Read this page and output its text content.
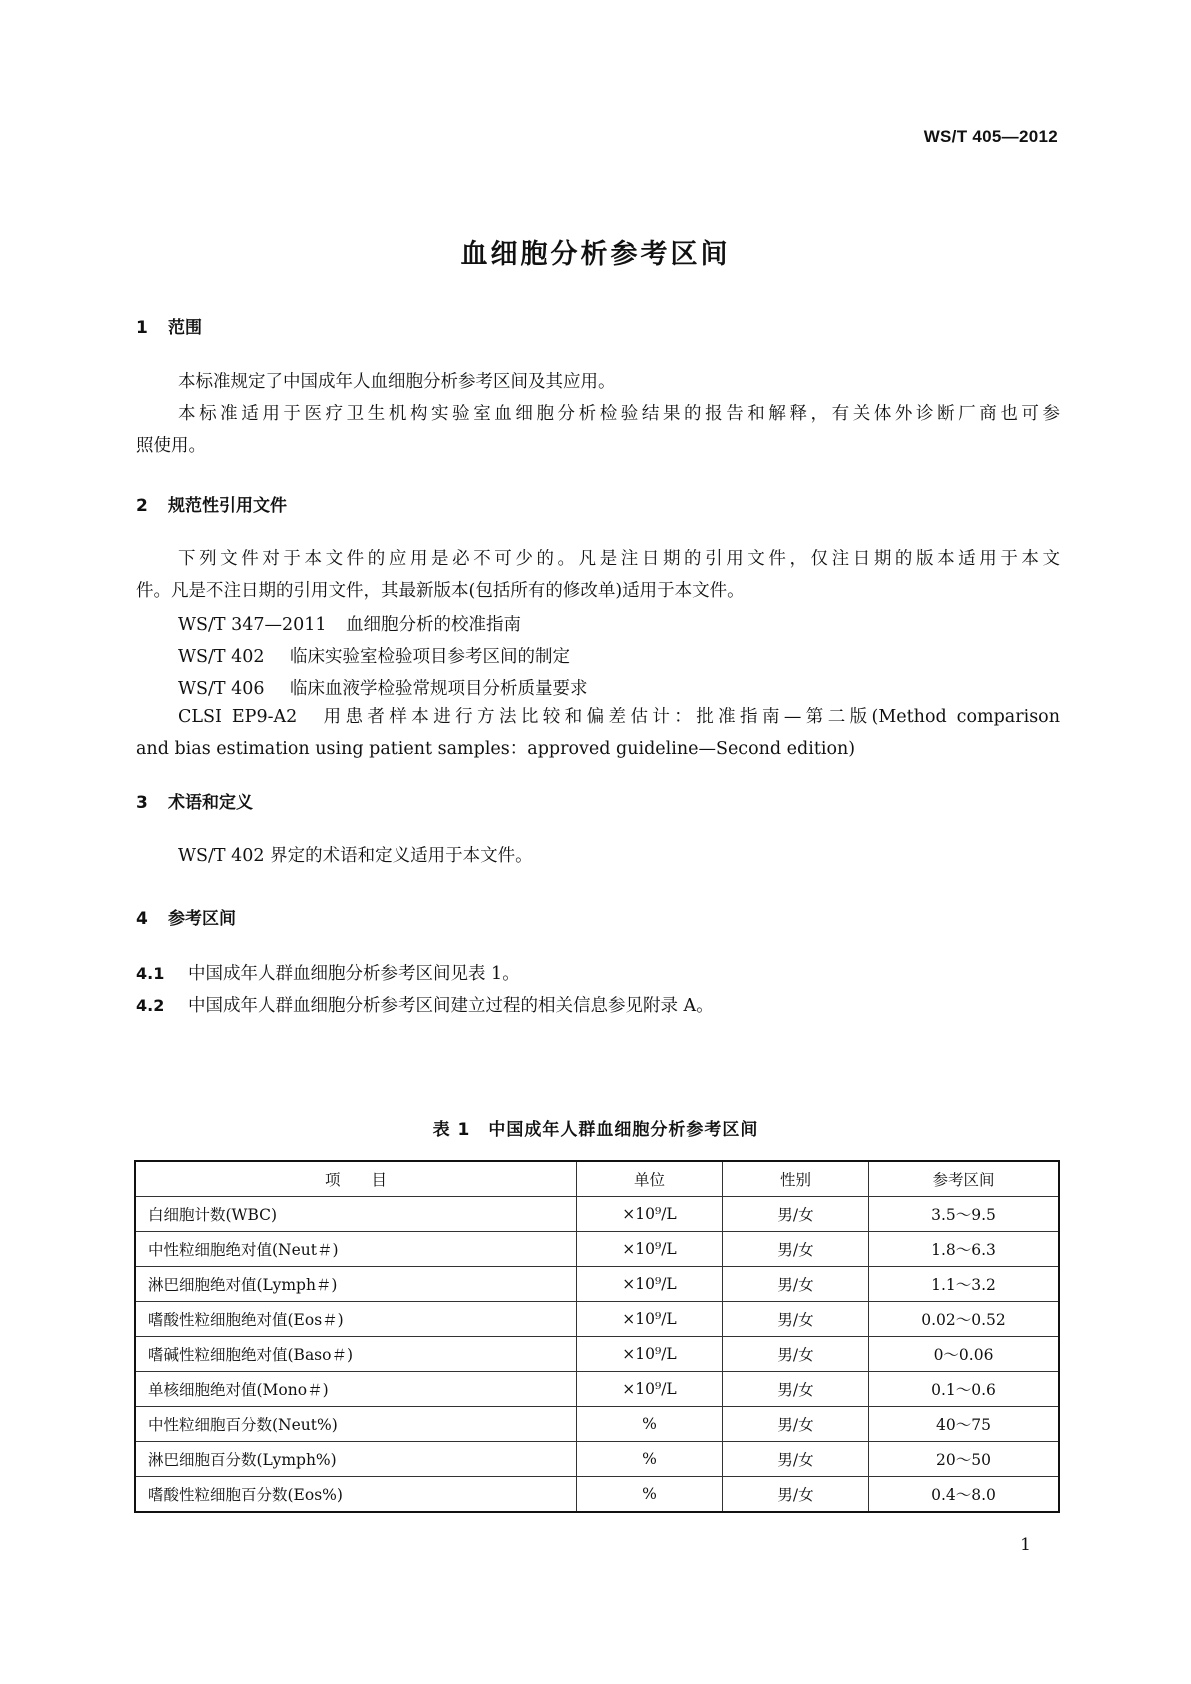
WS/T 405—2012
血细胞分析参考区间
1 范围
本标准规定了中国成年人血细胞分析参考区间及其应用。
本标准适用于医疗卫生机构实验室血细胞分析检验结果的报告和解释，有关体外诊断厂商也可参
照使用。
2 规范性引用文件
下列文件对于本文件的应用是必不可少的。凡是注日期的引用文件，仅注日期的版本适用于本文
件。凡是不注日期的引用文件，其最新版本(包括所有的修改单)适用于本文件。
WS/T 347—2011 血细胞分析的校准指南
WS/T 402 临床实验室检验项目参考区间的制定
WS/T 406 临床血液学检验常规项目分析质量要求
CLSI EP9-A2　用患者样本进行方法比较和偏差估计：批准指南—第二版(Method comparison
and bias estimation using patient samples：approved guideline—Second edition)
3 术语和定义
WS/T 402 界定的术语和定义适用于本文件。
4 参考区间
4.1 中国成年人群血细胞分析参考区间见表 1。
4.2 中国成年人群血细胞分析参考区间建立过程的相关信息参见附录 A。
表 1　中国成年人群血细胞分析参考区间
项　　目	单位	性别	参考区间
白细胞计数(WBC)	×10⁹/L	男/女	3.5～9.5
中性粒细胞绝对值(Neut＃)	×10⁹/L	男/女	1.8～6.3
淋巴细胞绝对值(Lymph＃)	×10⁹/L	男/女	1.1～3.2
嗜酸性粒细胞绝对值(Eos＃)	×10⁹/L	男/女	0.02～0.52
嗜碱性粒细胞绝对值(Baso＃)	×10⁹/L	男/女	0～0.06
单核细胞绝对值(Mono＃)	×10⁹/L	男/女	0.1～0.6
中性粒细胞百分数(Neut%)	%	男/女	40～75
淋巴细胞百分数(Lymph%)	%	男/女	20～50
嗜酸性粒细胞百分数(Eos%)	%	男/女	0.4～8.0
1
